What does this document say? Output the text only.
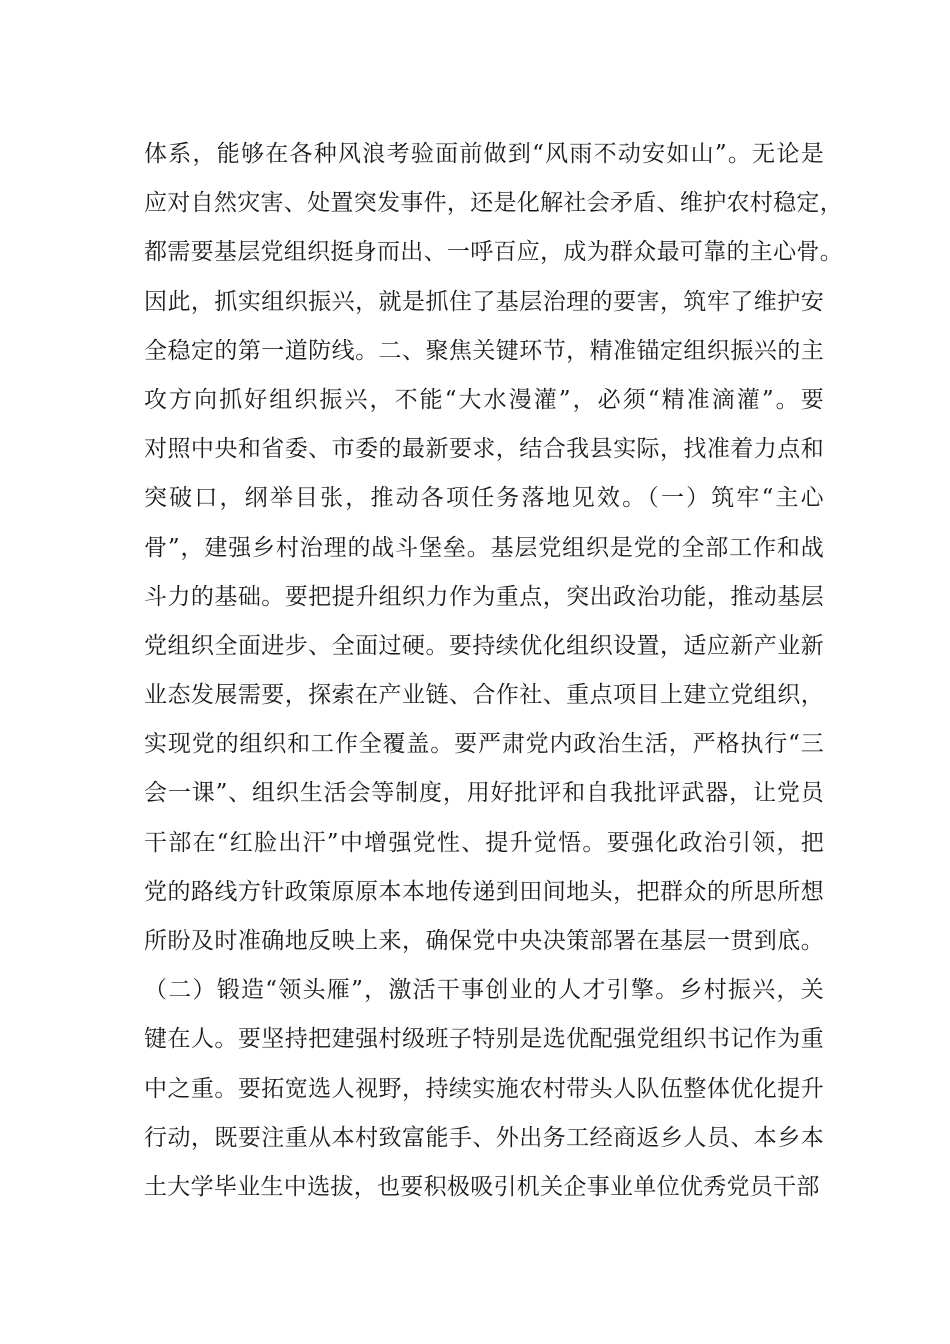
体系，能够在各种风浪考验面前做到“风雨不动安如山”。无论是
应对自然灾害、处置突发事件，还是化解社会矛盾、维护农村稳定，
都需要基层党组织挺身而出、一呼百应，成为群众最可靠的主心骨。
因此，抓实组织振兴，就是抓住了基层治理的要害，筑牢了维护安
全稳定的第一道防线。二、聚焦关键环节，精准锚定组织振兴的主
攻方向抓好组织振兴，不能“大水漫灌”，必须“精准滴灌”。要
对照中央和省委、市委的最新要求，结合我县实际，找准着力点和
突破口，纲举目张，推动各项任务落地见效。（一）筑牢“主心
骨”，建强乡村治理的战斗堡垒。基层党组织是党的全部工作和战
斗力的基础。要把提升组织力作为重点，突出政治功能，推动基层
党组织全面进步、全面过硬。要持续优化组织设置，适应新产业新
业态发展需要，探索在产业链、合作社、重点项目上建立党组织，
实现党的组织和工作全覆盖。要严肃党内政治生活，严格执行“三
会一课”、组织生活会等制度，用好批评和自我批评武器，让党员
干部在“红脸出汗”中增强党性、提升觉悟。要强化政治引领，把
党的路线方针政策原原本本地传递到田间地头，把群众的所思所想
所盼及时准确地反映上来，确保党中央决策部署在基层一贯到底。
（二）锻造“领头雁”，激活干事创业的人才引擎。乡村振兴，关
键在人。要坚持把建强村级班子特别是选优配强党组织书记作为重
中之重。要拓宽选人视野，持续实施农村带头人队伍整体优化提升
行动，既要注重从本村致富能手、外出务工经商返乡人员、本乡本
土大学毕业生中选拔，也要积极吸引机关企事业单位优秀党员干部
